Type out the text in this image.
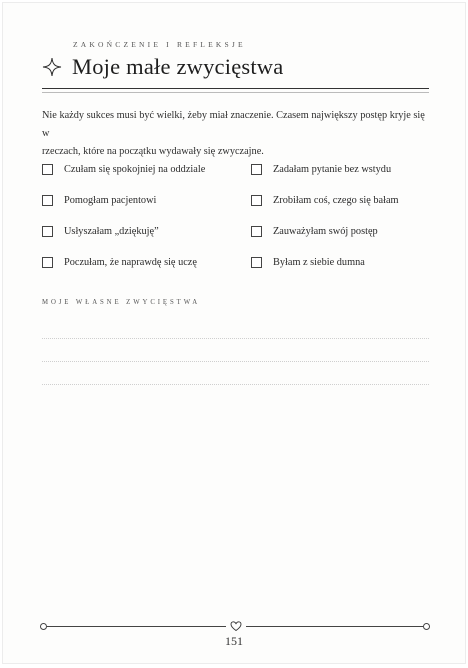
ZAKOŃCZENIE I REFLEKSJE
Moje małe zwycięstwa
Nie każdy sukces musi być wielki, żeby miał znaczenie. Czasem największy postęp kryje się w
rzeczach, które na początku wydawały się zwyczajne.
Czułam się spokojniej na oddziale	Zadałam pytanie bez wstydu
Pomogłam pacjentowi	Zrobiłam coś, czego się bałam
Usłyszałam „dziękuję”	Zauważyłam swój postęp
Poczułam, że naprawdę się uczę	Byłam z siebie dumna
MOJE WŁASNE ZWYCIĘSTWA
151
